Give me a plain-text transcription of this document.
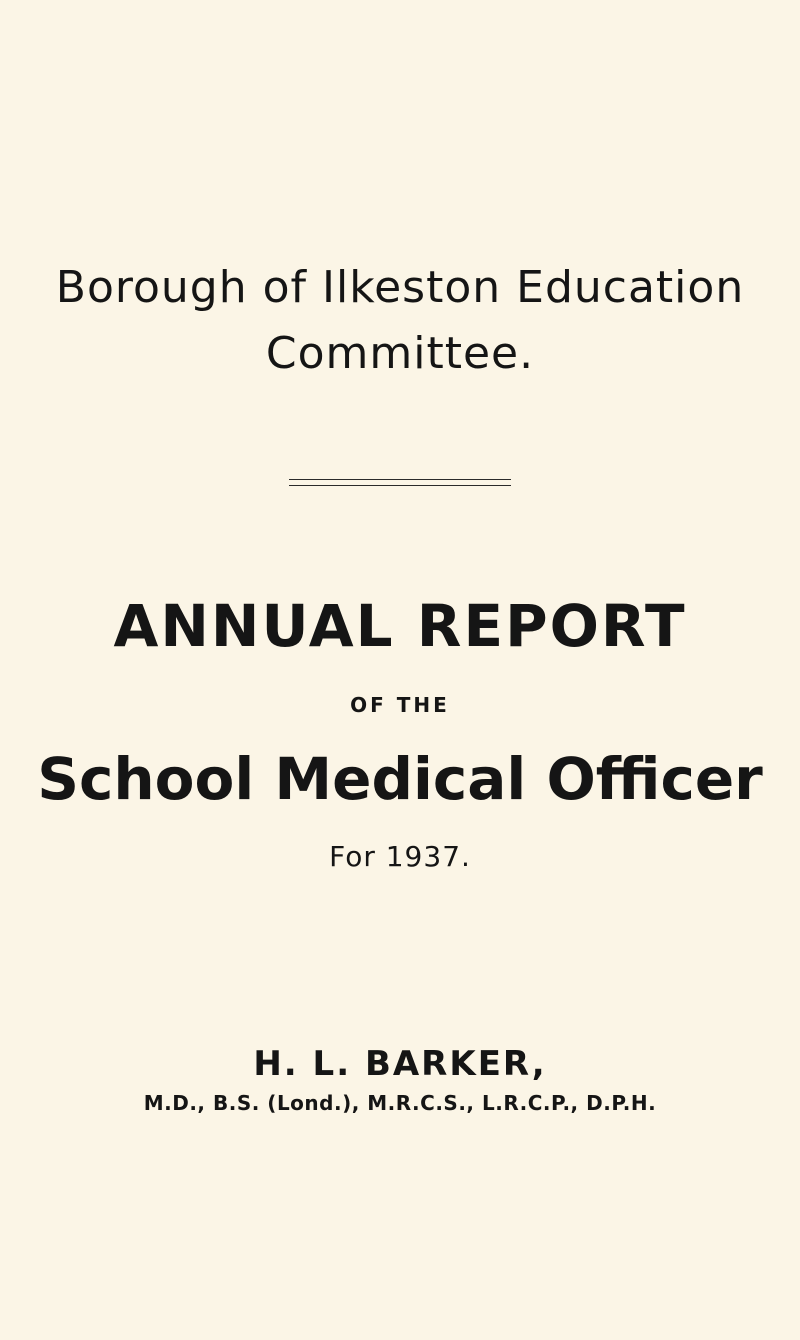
Borough of Ilkeston Education

Committee.

ANNUAL REPORT

OF THE

School Medical Officer

For 1937.

H. L. BARKER,

M.D., B.S. (Lond.), M.R.C.S., L.R.C.P., D.P.H.
